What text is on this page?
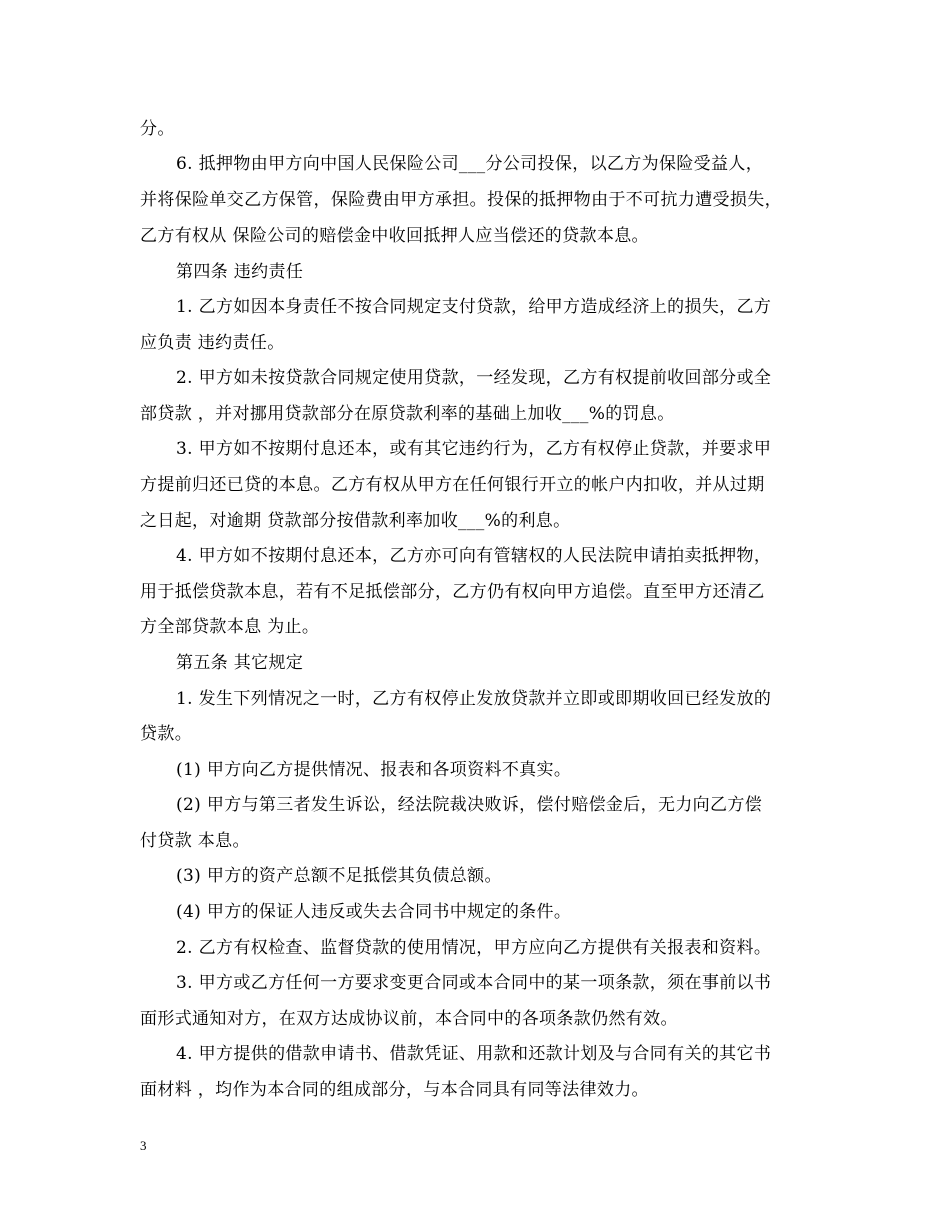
分。
6. 抵押物由甲方向中国人民保险公司___分公司投保，以乙方为保险受益人，
并将保险单交乙方保管，保险费由甲方承担。投保的抵押物由于不可抗力遭受损失，
乙方有权从 保险公司的赔偿金中收回抵押人应当偿还的贷款本息。
第四条 违约责任
1. 乙方如因本身责任不按合同规定支付贷款，给甲方造成经济上的损失，乙方
应负责 违约责任。
2. 甲方如未按贷款合同规定使用贷款，一经发现，乙方有权提前收回部分或全
部贷款 ，并对挪用贷款部分在原贷款利率的基础上加收___%的罚息。
3. 甲方如不按期付息还本，或有其它违约行为，乙方有权停止贷款，并要求甲
方提前归还已贷的本息。乙方有权从甲方在任何银行开立的帐户内扣收，并从过期
之日起，对逾期 贷款部分按借款利率加收___%的利息。
4. 甲方如不按期付息还本，乙方亦可向有管辖权的人民法院申请拍卖抵押物，
用于抵偿贷款本息，若有不足抵偿部分，乙方仍有权向甲方追偿。直至甲方还清乙
方全部贷款本息 为止。
第五条 其它规定
1. 发生下列情况之一时，乙方有权停止发放贷款并立即或即期收回已经发放的
贷款。
(1) 甲方向乙方提供情况、报表和各项资料不真实。
(2) 甲方与第三者发生诉讼，经法院裁决败诉，偿付赔偿金后，无力向乙方偿
付贷款 本息。
(3) 甲方的资产总额不足抵偿其负债总额。
(4) 甲方的保证人违反或失去合同书中规定的条件。
2. 乙方有权检查、监督贷款的使用情况，甲方应向乙方提供有关报表和资料。
3. 甲方或乙方任何一方要求变更合同或本合同中的某一项条款，须在事前以书
面形式通知对方，在双方达成协议前，本合同中的各项条款仍然有效。
4. 甲方提供的借款申请书、借款凭证、用款和还款计划及与合同有关的其它书
面材料 ，均作为本合同的组成部分，与本合同具有同等法律效力。
3
